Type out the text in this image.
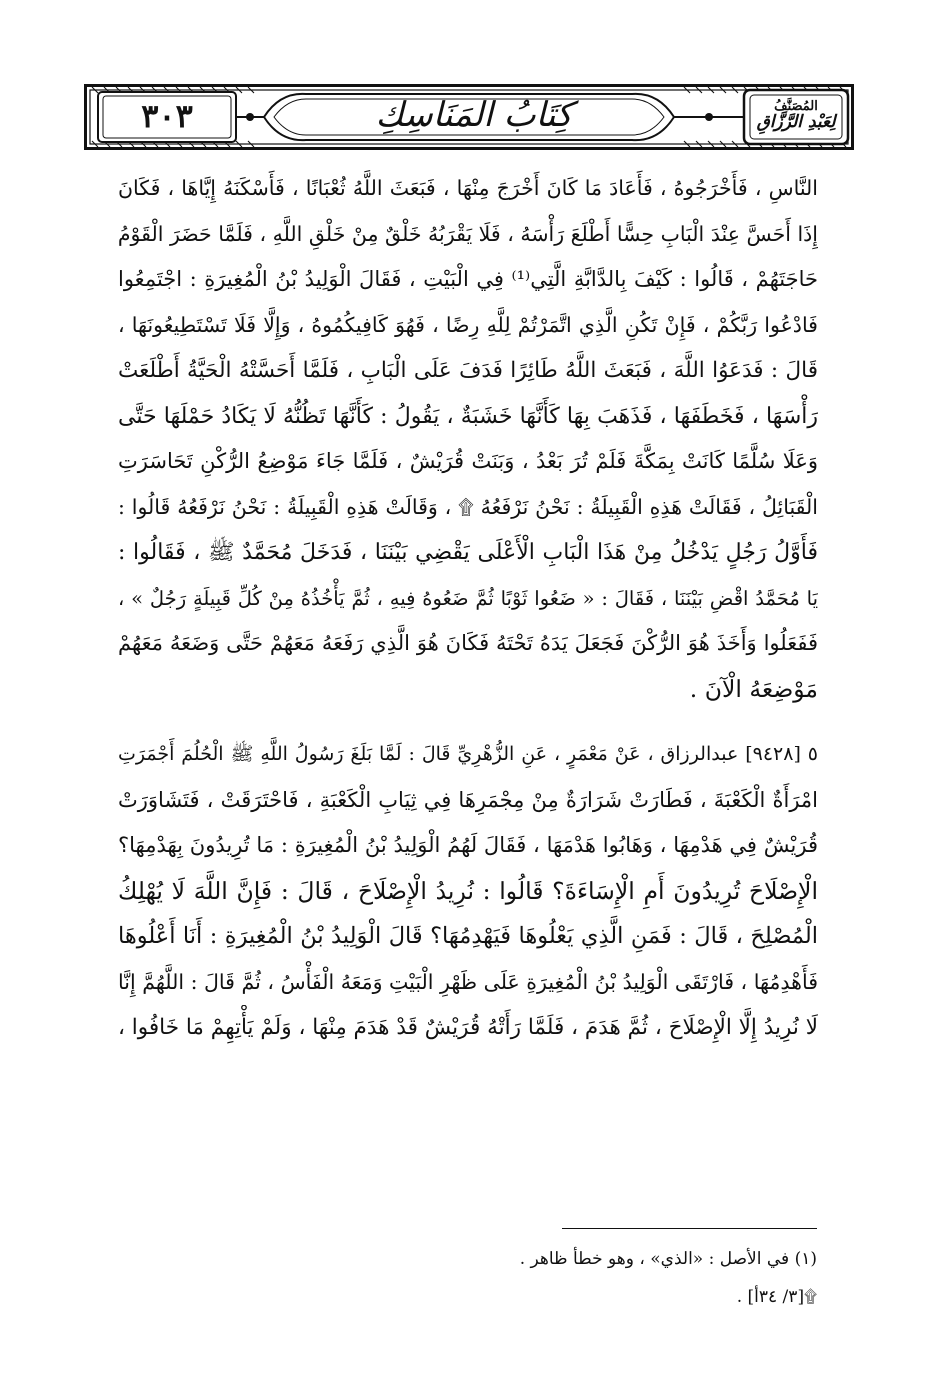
٣٠٣	كِتَابُ المَنَاسِكِ	المُصَنَّفُ
لِعَبْدِ الرَّزَّاقِ
النَّاسِ ، فَأَخْرَجُوهُ ، فَأَعَادَ مَا كَانَ أَخْرَجَ مِنْهَا ، فَبَعَثَ اللَّهُ ثُعْبَانًا ، فَأَسْكَنَهُ إِيَّاهَا ، فَكَانَ
إِذَا أَحَسَّ عِنْدَ الْبَابِ حِسًّا أَطْلَعَ رَأْسَهُ ، فَلَا يَقْرَبُهُ خَلْقٌ مِنْ خَلْقِ اللَّهِ ، فَلَمَّا حَضَرَ الْقَوْمُ
حَاجَتَهُمْ ، قَالُوا : كَيْفَ بِالدَّابَّةِ الَّتِي⁽¹⁾ فِي الْبَيْتِ ، فَقَالَ الْوَلِيدُ بْنُ الْمُغِيرَةِ : اجْتَمِعُوا
فَادْعُوا رَبَّكُمْ ، فَإِنْ تَكُنِ الَّذِي اتَّمَرْتُمْ لِلَّهِ رِضًا ، فَهُوَ كَافِيكُمُوهُ ، وَإِلَّا فَلَا تَسْتَطِيعُونَهَا ،
قَالَ : فَدَعَوُا اللَّهَ ، فَبَعَثَ اللَّهُ طَائِرًا فَدَفَ عَلَى الْبَابِ ، فَلَمَّا أَحَسَّتْهُ الْحَيَّةُ أَطْلَعَتْ
رَأْسَهَا ، فَخَطَفَهَا ، فَذَهَبَ بِهَا كَأَنَّهَا خَشَبَةٌ ، يَقُولُ : كَأَنَّهَا تَظُنُّهُ لَا يَكَادُ حَمْلَهَا حَتَّى
وَعَلَا سُلَّمًا كَانَتْ بِمَكَّةَ فَلَمْ تُرَ بَعْدُ ، وَبَنَتْ قُرَيْشٌ ، فَلَمَّا جَاءَ مَوْضِعُ الرُّكْنِ تَحَاسَرَتِ
الْقَبَائِلُ ، فَقَالَتْ هَذِهِ الْقَبِيلَةُ : نَحْنُ نَرْفَعُهُ ۩ ، وَقَالَتْ هَذِهِ الْقَبِيلَةُ : نَحْنُ نَرْفَعُهُ قَالُوا :
فَأَوَّلُ رَجُلٍ يَدْخُلُ مِنْ هَذَا الْبَابِ الْأَعْلَى يَقْضِي بَيْنَنَا ، فَدَخَلَ مُحَمَّدٌ ﷺ ، فَقَالُوا :
يَا مُحَمَّدُ اقْضِ بَيْنَنَا ، فَقَالَ : « ضَعُوا ثَوْبًا ثُمَّ ضَعُوهُ فِيهِ ، ثُمَّ يَأْخُذُهُ مِنْ كُلِّ قَبِيلَةٍ رَجُلٌ » ،
فَفَعَلُوا وَأَخَذَ هُوَ الرُّكْنَ فَجَعَلَ يَدَهُ تَحْتَهُ فَكَانَ هُوَ الَّذِي رَفَعَهُ مَعَهُمْ حَتَّى وَضَعَهُ مَعَهُمْ
مَوْضِعَهُ الْآنَ .
٥ [٩٤٢٨] عبدالرزاق ، عَنْ مَعْمَرٍ ، عَنِ الزُّهْرِيِّ قَالَ : لَمَّا بَلَغَ رَسُولُ اللَّهِ ﷺ الْحُلُمَ أَجْمَرَتِ
امْرَأَةٌ الْكَعْبَةَ ، فَطَارَتْ شَرَارَةٌ مِنْ مِجْمَرِهَا فِي ثِيَابِ الْكَعْبَةِ ، فَاحْتَرَقَتْ ، فَتَشَاوَرَتْ
قُرَيْشٌ فِي هَدْمِهَا ، وَهَابُوا هَدْمَهَا ، فَقَالَ لَهُمُ الْوَلِيدُ بْنُ الْمُغِيرَةِ : مَا تُرِيدُونَ بِهَدْمِهَا؟
الْإِصْلَاحَ تُرِيدُونَ أَمِ الْإِسَاءَةَ؟ قَالُوا : نُرِيدُ الْإِصْلَاحَ ، قَالَ : فَإِنَّ اللَّهَ لَا يُهْلِكُ
الْمُصْلِحَ ، قَالَ : فَمَنِ الَّذِي يَعْلُوهَا فَيَهْدِمُهَا؟ قَالَ الْوَلِيدُ بْنُ الْمُغِيرَةِ : أَنَا أَعْلُوهَا
فَأَهْدِمُهَا ، فَارْتَقَى الْوَلِيدُ بْنُ الْمُغِيرَةِ عَلَى ظَهْرِ الْبَيْتِ وَمَعَهُ الْفَأْسُ ، ثُمَّ قَالَ : اللَّهُمَّ إِنَّا
لَا نُرِيدُ إِلَّا الْإِصْلَاحَ ، ثُمَّ هَدَمَ ، فَلَمَّا رَأَتْهُ قُرَيْشٌ قَدْ هَدَمَ مِنْهَا ، وَلَمْ يَأْتِهِمْ مَا خَافُوا ،
(١) في الأصل : «الذي» ، وهو خطأ ظاهر .
۩[٣/ ٣٤أ] .
